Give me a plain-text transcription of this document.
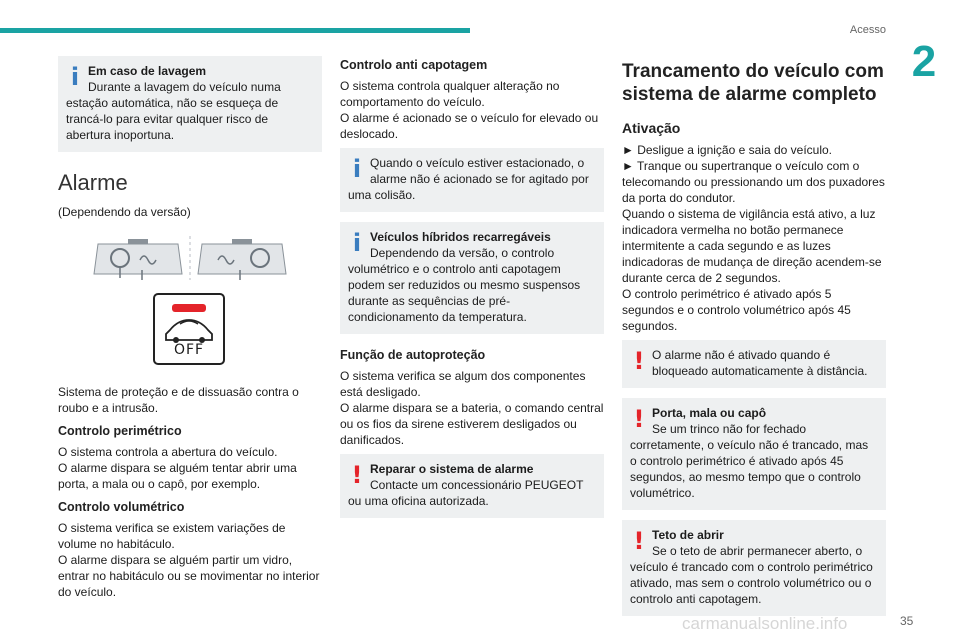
Acesso
2
i Em caso de lavagem
Durante a lavagem do veículo numa estação automática, não se esqueça de trancá-lo para evitar qualquer risco de abertura inoportuna.
Alarme

(Dependendo da versão)

OFF

Sistema de proteção e de dissuasão contra o roubo e a intrusão.

Controlo perimétrico

O sistema controla a abertura do veículo.

O alarme dispara se alguém tentar abrir uma porta, a mala ou o capô, por exemplo.

Controlo volumétrico

O sistema verifica se existem variações de volume no habitáculo.

O alarme dispara se alguém partir um vidro, entrar no habitáculo ou se movimentar no interior do veículo.

Controlo anti capotagem

O sistema controla qualquer alteração no comportamento do veículo.

O alarme é acionado se o veículo for elevado ou deslocado.

i Quando o veículo estiver estacionado, o alarme não é acionado se for agitado por uma colisão.
i Veículos híbridos recarregáveis
Dependendo da versão, o controlo volumétrico e o controlo anti capotagem podem ser reduzidos ou mesmo suspensos durante as sequências de pré-condicionamento da temperatura.
Função de autoproteção

O sistema verifica se algum dos componentes está desligado.

O alarme dispara se a bateria, o comando central ou os fios da sirene estiverem desligados ou danificados.

! Reparar o sistema de alarme
Contacte um concessionário PEUGEOT ou uma oficina autorizada.
Trancamento do veículo com sistema de alarme completo
Ativação

► Desligue a ignição e saia do veículo.

► Tranque ou supertranque o veículo com o telecomando ou pressionando um dos puxadores da porta do condutor.

Quando o sistema de vigilância está ativo, a luz indicadora vermelha no botão permanece intermitente a cada segundo e as luzes indicadoras de mudança de direção acendem-se durante cerca de 2 segundos.

O controlo perimétrico é ativado após 5 segundos e o controlo volumétrico após 45 segundos.

! O alarme não é ativado quando é bloqueado automaticamente à distância.
! Porta, mala ou capô
Se um trinco não for fechado corretamente, o veículo não é trancado, mas o controlo perimétrico é ativado após 45 segundos, ao mesmo tempo que o controlo volumétrico.
! Teto de abrir
Se o teto de abrir permanecer aberto, o veículo é trancado com o controlo perimétrico ativado, mas sem o controlo volumétrico ou o controlo anti capotagem.
carmanualsonline.info	35
